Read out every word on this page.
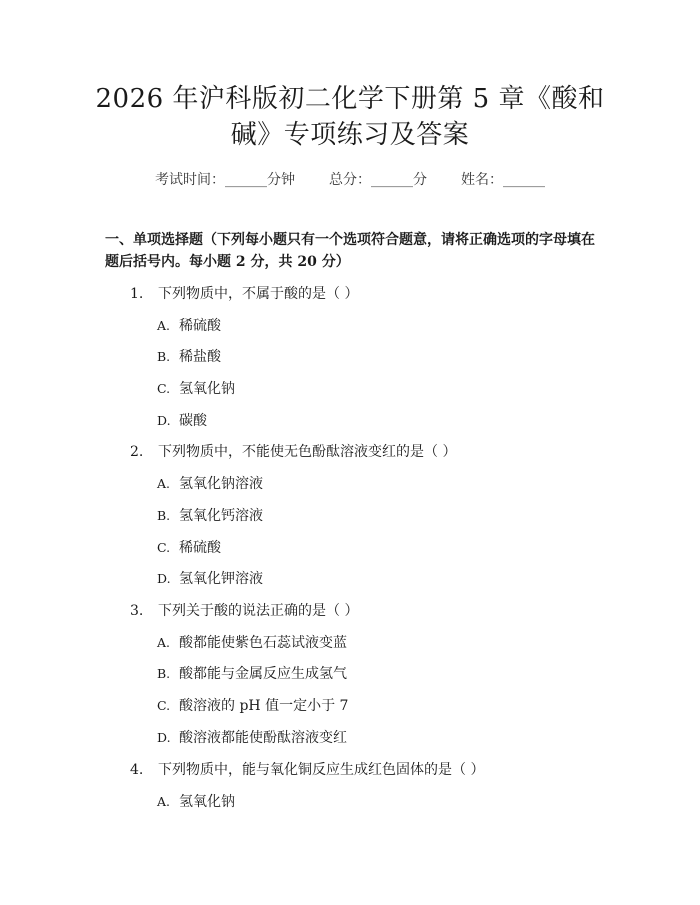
2026 年沪科版初二化学下册第 5 章《酸和
碱》专项练习及答案
考试时间：______分钟 总分：______分 姓名：______
一、单项选择题（下列每小题只有一个选项符合题意，请将正确选项的字母填在
题后括号内。每小题 2 分，共 20 分）
1. 下列物质中，不属于酸的是（ ）
A. 稀硫酸
B. 稀盐酸
C. 氢氧化钠
D. 碳酸
2. 下列物质中，不能使无色酚酞溶液变红的是（ ）
A. 氢氧化钠溶液
B. 氢氧化钙溶液
C. 稀硫酸
D. 氢氧化钾溶液
3. 下列关于酸的说法正确的是（ ）
A. 酸都能使紫色石蕊试液变蓝
B. 酸都能与金属反应生成氢气
C. 酸溶液的 pH 值一定小于 7
D. 酸溶液都能使酚酞溶液变红
4. 下列物质中，能与氧化铜反应生成红色固体的是（ ）
A. 氢氧化钠
